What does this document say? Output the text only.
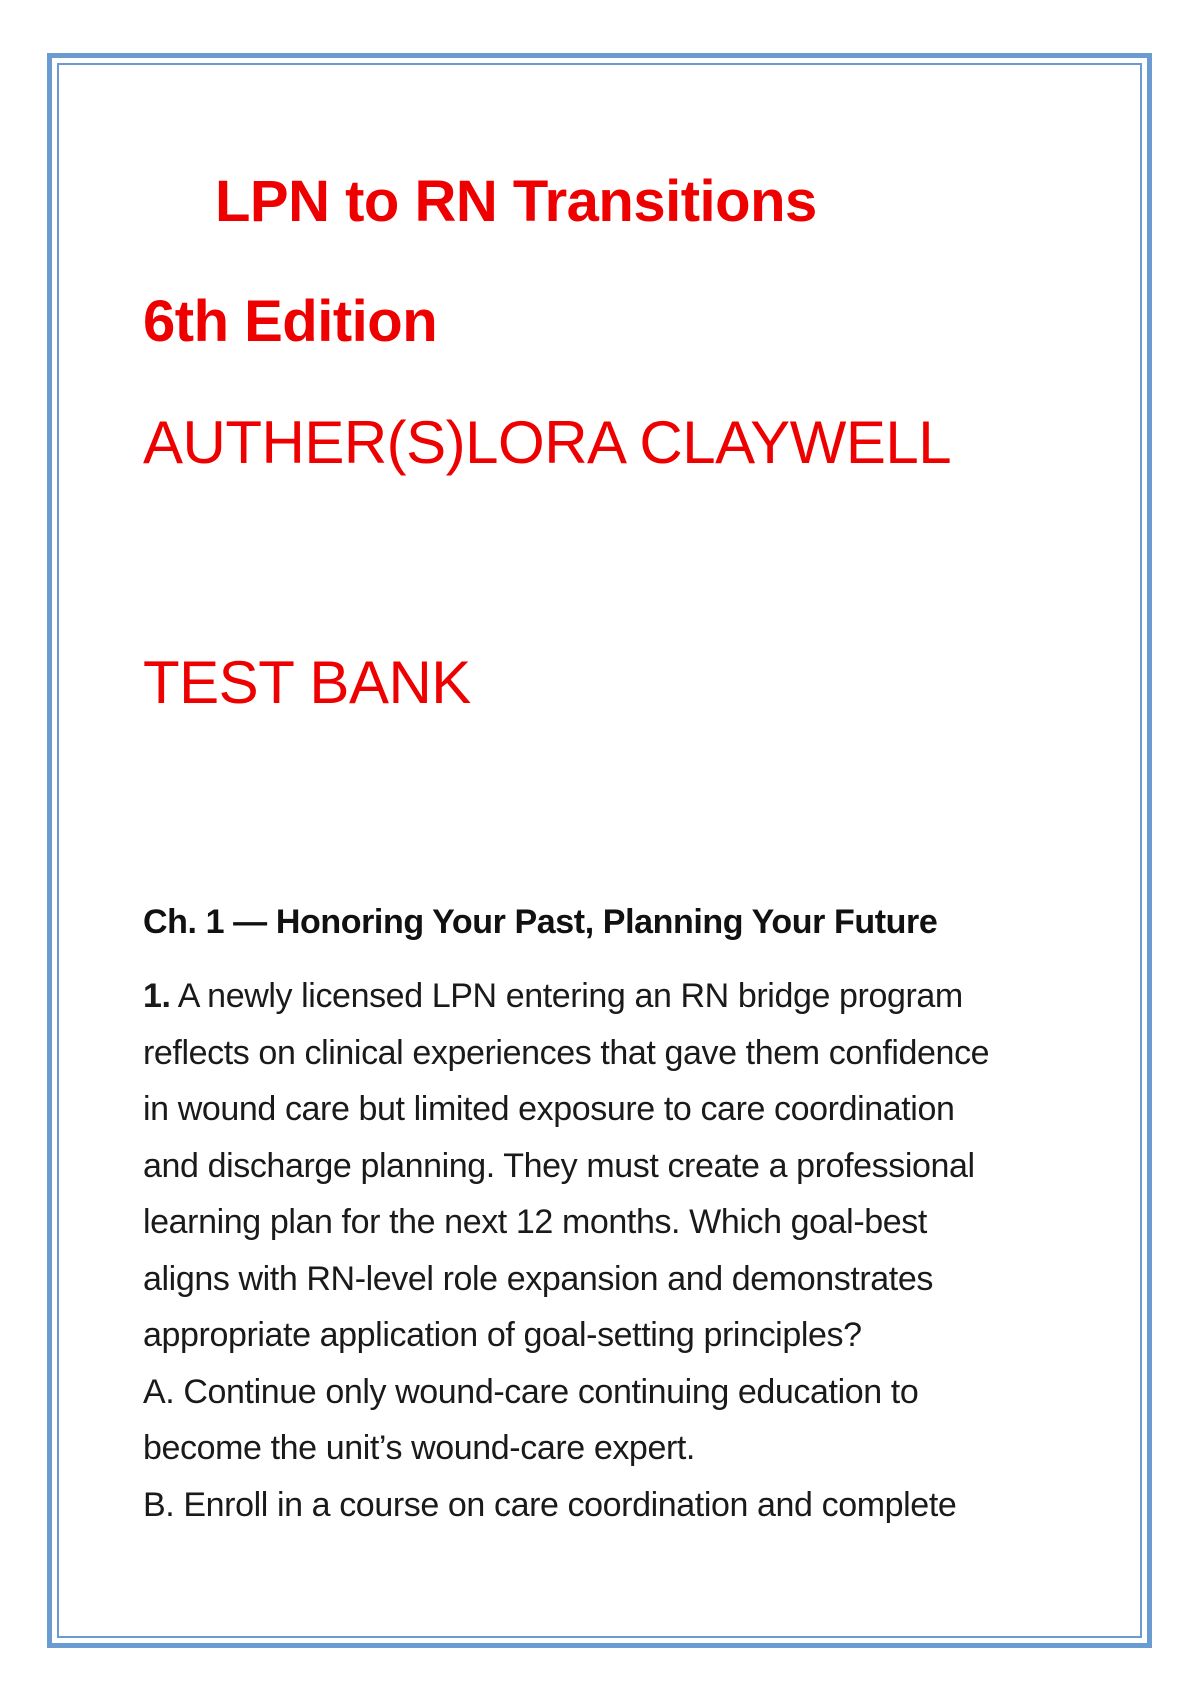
LPN to RN Transitions
6th Edition
AUTHER(S)LORA CLAYWELL
TEST BANK
Ch. 1 — Honoring Your Past, Planning Your Future
1. A newly licensed LPN entering an RN bridge program
reflects on clinical experiences that gave them confidence
in wound care but limited exposure to care coordination
and discharge planning. They must create a professional
learning plan for the next 12 months. Which goal-best
aligns with RN-level role expansion and demonstrates
appropriate application of goal-setting principles?
A. Continue only wound-care continuing education to
become the unit’s wound-care expert.
B. Enroll in a course on care coordination and complete
